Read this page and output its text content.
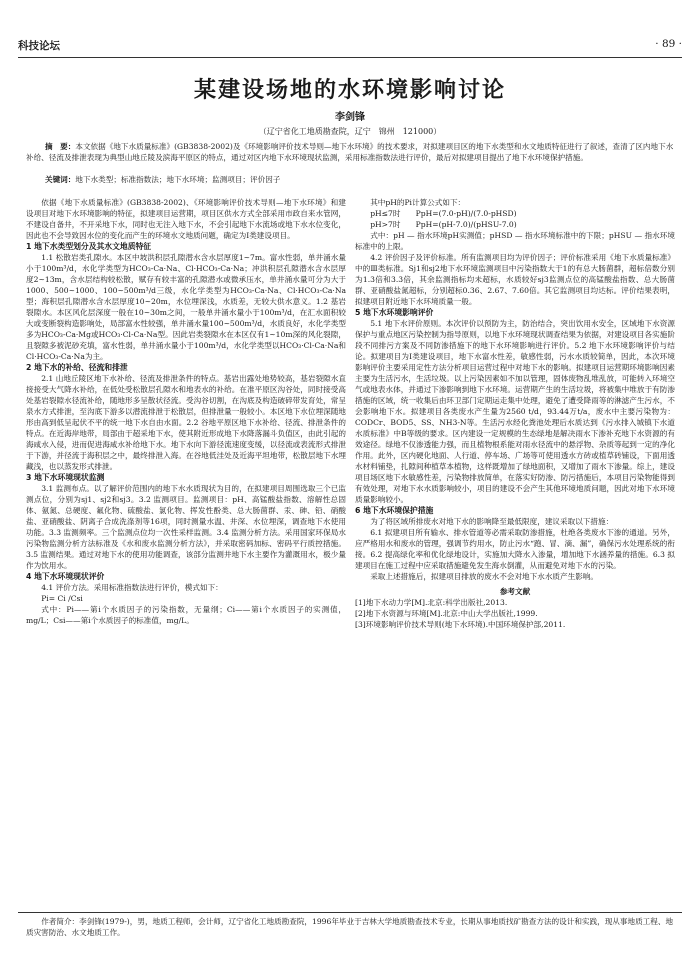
科技论坛	· 89 ·
某建设场地的水环境影响讨论
李剑锋
（辽宁省化工地质勘查院，辽宁　锦州　121000）
摘　要：本文依据《地下水质量标准》(GB3838-2002)及《环境影响评价技术导则—地下水环境》的技术要求，对拟建项目区的地下水类型和水文地质特征进行了叙述，查清了区内地下水补给、径流及排泄表现为典型山地丘陵及滨海平原区的特点，通过对区内地下水环境现状监测，采用标准指数法进行评价，最后对拟建项目提出了地下水环境保护措施。
关键词：地下水类型；标准指数法；地下水环境；监测项目；评价因子

依据《地下水质量标准》(GB3838-2002)、《环境影响评价技术导则—地下水环境》和建设项目对地下水环境影响的特征，拟建项目运营期，项目区供水方式全部采用市政自来水管网，不建设自备井，不开采地下水，同时也无注入地下水，不会引起地下水流场或地下水水位变化，因此也不会导致因水位的变化而产生的环境水文地质问题，确定为I类建设项目。

1 地下水类型划分及其水文地质特征

1.1 松散岩类孔隙水。本区中坡洪积层孔隙潜水含水层厚度1~7m。富水性弱，单井涌水量小于100m³/d，水化学类型为HCO₃-Ca·Na、Cl·HCO₃-Ca·Na；冲洪积层孔隙潜水含水层厚度2~13m，含水层结构较松散，赋存有较丰富的孔隙潜水或微承压水，单井涌水量可分为大于1000、500~1000、100~500m³/d三级，水化学类型为HCO₃-Ca·Na、Cl·HCO₃-Ca·Na型；海积层孔隙潜水含水层厚度10~20m，水位埋深浅，水质差，无较大供水意义。1.2 基岩裂隙水。本区风化层深度一般在10~30m之间，一般单井涌水量小于100m³/d，在汇水面积较大或变断裂构造影响处，局部富水性较强，单井涌水量100~500m³/d，水质良好，水化学类型多为HCO₃-Ca·Mg或HCO₃·Cl-Ca·Na型。因此岩类裂隙水在本区仅有1~10m深的风化裂隙，且裂隙多被泥砂充填，富水性弱，单井涌水量小于100m³/d，水化学类型以HCO₃·Cl-Ca·Na和Cl·HCO₃-Ca·Na为主。

2 地下水的补给、径流和排泄

2.1 山地丘陵区地下水补给、径流及排泄条件的特点。基岩出露处地势较高，基岩裂隙水直接接受大气降水补给，在低处受松散层孔隙水和地表水的补给。在准平原区沟谷处，同时接受高处基岩裂隙水径流补给，随地形多呈散状径流。受沟谷切割，在沟底及构造破碎带发育处，常呈泉水方式排泄，至沟底下游多以潜流排泄于松散层，但排泄量一般较小。本区地下水位埋深随地形由高到低呈起伏不平的统一地下水自由水面。2.2 谷地平原区地下水补给、径流、排泄条件的特点。在近海岸地带，局部由于超采地下水，使其附近形成地下水降落漏斗负值区，由此引起的海咸水入侵，进而促进海咸水补给地下水。地下水向下游径流速度变缓，以径流或表流形式排泄于下游，并径流于海积层之中，最终排泄入海。在谷地低洼处及近海平坦地带，松散层地下水埋藏浅，也以蒸发形式排泄。

3 地下水环境现状监测

3.1 监测布点。以了解评价范围内的地下水水质现状为目的，在拟建项目周围选取三个已监测点位，分别为sj1、sj2和sj3。3.2 监测项目。监测项目：pH、高锰酸盐指数、溶解性总固体、氨氮、总硬度、氟化物、硫酸盐、氯化物、挥发性酚类、总大肠菌群、汞、砷、铅、硝酸盐、亚硝酸盐、阴离子合成洗涤剂等16项，同时测量水温、井深、水位埋深，调查地下水使用功能。3.3 监测频率。三个监测点位均一次性采样监测。3.4 监测分析方法。采用国家环保局水污染物监测分析方法标准及《水和废水监测分析方法》，并采取密码加标、密码平行质控措施。3.5 监测结果。通过对地下水的使用功能调查，该部分监测井地下水主要作为灌溉用水，极少量作为饮用水。

4 地下水环境现状评价

4.1 评价方法。采用标准指数法进行评价，模式如下：

Pi= Ci /Csi

式中：Pi——第i个水质因子的污染指数，无量纲；Ci——第i个水质因子的实测值，mg/L；Csi——第i个水质因子的标准值，mg/L。

其中pH的Pi计算公式如下：

pH≤7时　　PpH=(7.0-pH)/(7.0-pHSD)

pH>7时　　PpH=(pH-7.0)/(pHSU-7.0)

式中：pH — 指水环境pH实测值；pHSD — 指水环境标准中的下限；pHSU — 指水环境标准中的上限。

4.2 评价因子及评价标准。所有监测项目均为评价因子；评价标准采用《地下水质量标准》中的Ⅲ类标准。Sj1和sj2地下水环境监测项目中污染指数大于1的有总大肠菌群，超标倍数分别为1.3倍和3.3倍，其余监测指标均未超标，水质较好sj3监测点位的高锰酸盐指数、总大肠菌群、亚硝酸盐氮超标，分别超标0.36、2.67、7.60倍。其它监测项目均达标。评价结果表明，拟建项目附近地下水环境质量一般。

5 地下水环境影响评价

5.1 地下水评价原则。本次评价以预防为主，防治结合，突出饮用水安全，区域地下水资源保护与重点地区污染控制为指导原则，以地下水环境现状调查结果为依据，对建设项目各实施阶段不同排污方案及不同防渗措施下的地下水环境影响进行评价。5.2 地下水环境影响评价与结论。拟建项目为I类建设项目，地下水富水性差，敏感性弱，污水水质较简单，因此，本次环境影响评价主要采用定性方法分析项目运营过程中对地下水的影响。拟建项目运营期环境影响因素主要为生活污水，生活垃圾。以上污染因素如不加以管理，固体废物乱堆乱放，可能转入环境空气或地表水体，并通过下渗影响到地下水环境。运营期产生的生活垃圾，将被集中堆放于有防渗措施的区域，统一收集后由环卫部门定期运走集中处理，避免了遭受降雨等的淋滤产生污水，不会影响地下水。拟建项目各类废水产生量为2560 t/d，93.44万t/a，废水中主要污染物为：CODCr、BOD5、SS、NH3-N等。生活污水经化粪池处理后水质达到《污水排入城镇下水道水质标准》中B等级的要求。区内建设一定规模的生态绿地是解决雨水下渗补充地下水资源的有效途径。绿地不仅渗透能力强，而且植物根系能对雨水径流中的悬浮物、杂质等起到一定的净化作用。此外，区内硬化地面、人行道、停车场、广场等可使用透水方砖或植草砖铺设，下面用透水材料铺垫，扎隙间种植草本植物，这样既增加了绿地面积，又增加了雨水下渗量。综上，建设项目场区地下水敏感性差，污染物排放简单，在落实好防渗、防污措施后，本项目污染物能得到有效处理，对地下水水质影响较小，项目的建设不会产生其他环境地质问题，因此对地下水环境质量影响较小。

6 地下水环境保护措施

为了将区域所排废水对地下水的影响降至最低限度，建议采取以下措施：

6.1 拟建项目所有输水、排水管道等必需采取防渗措施，杜绝各类废水下渗的通道。另外，应严格用水和废水的管理，强调节约用水，防止污水“跑、冒、滴、漏”，确保污水处理系统的衔接。6.2 提高绿化率和优化绿地设计，实施加大降水入渗量，增加地下水涵养量的措施。6.3 拟建项目在施工过程中应采取措施避免发生海水倒灌，从而避免对地下水的污染。

采取上述措施后，拟建项目排放的废水不会对地下水水质产生影响。

参考文献
[1]地下水动力学[M].北京:科学出版社,2013.
[2]地下水资源与环境[M].北京:中山大学出版社,1999.
[3]环境影响评价技术导则(地下水环境).中国环境保护部,2011.
作者简介：李剑锋(1979-)，男，地质工程师，会计师，辽宁省化工地质勘查院，1996年毕业于吉林大学地质勘查技术专业，长期从事地质找矿勘查方法的设计和实践，现从事地质工程、地质灾害防治、水文地质工作。
